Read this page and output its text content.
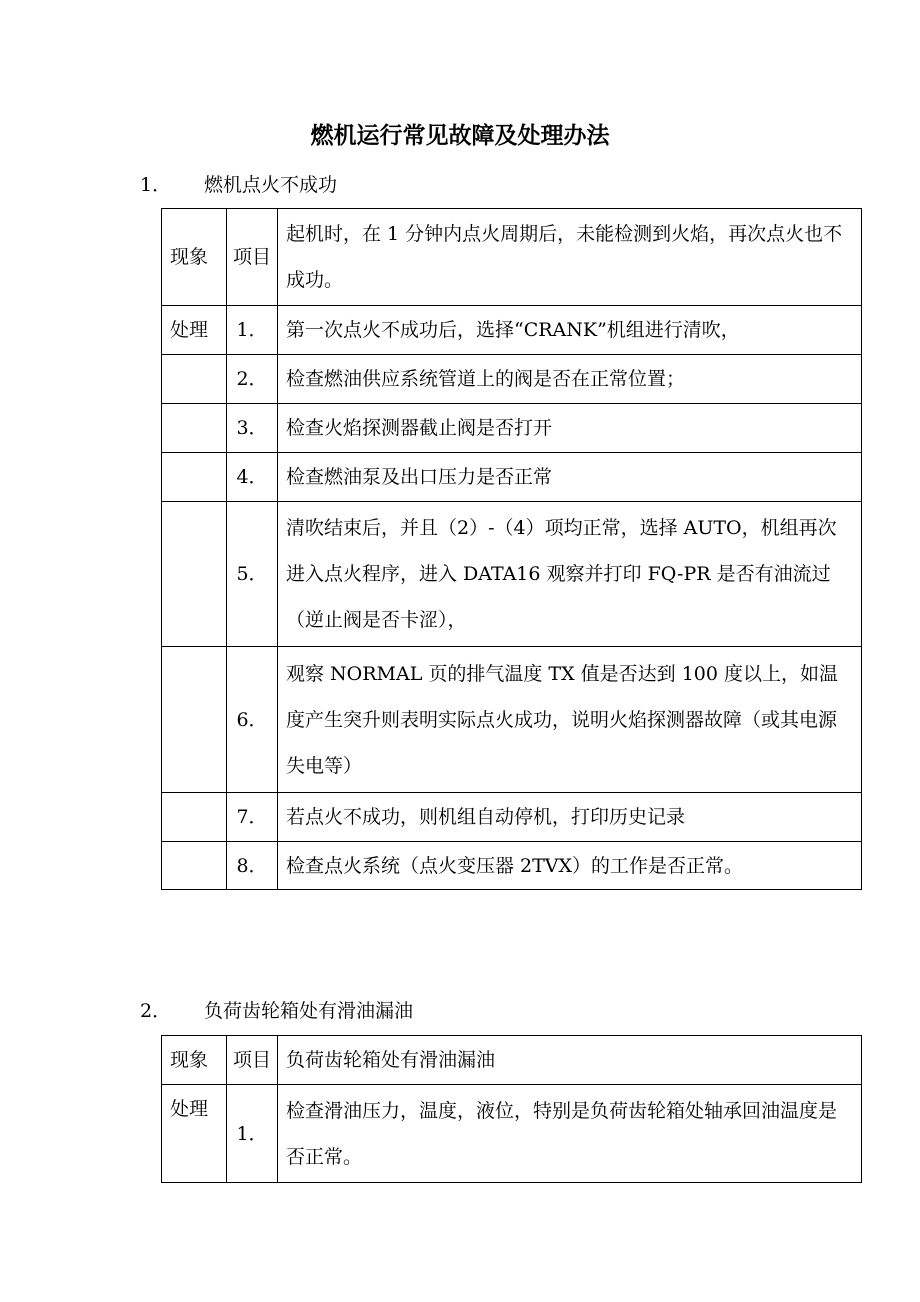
燃机运行常见故障及处理办法
1．	燃机点火不成功
现象	项目	起机时，在 1 分钟内点火周期后，未能检测到火焰，再次点火也不成功。
处理	1．	第一次点火不成功后，选择“CRANK”机组进行清吹，
	2．	检查燃油供应系统管道上的阀是否在正常位置；
	3．	检查火焰探测器截止阀是否打开
	4．	检查燃油泵及出口压力是否正常
	5．	清吹结束后，并且（2）-（4）项均正常，选择 AUTO，机组再次进入点火程序，进入 DATA16 观察并打印 FQ-PR 是否有油流过（逆止阀是否卡涩），
	6．	观察 NORMAL 页的排气温度 TX 值是否达到 100 度以上，如温度产生突升则表明实际点火成功，说明火焰探测器故障（或其电源失电等）
	7．	若点火不成功，则机组自动停机，打印历史记录
	8．	检查点火系统（点火变压器 2TVX）的工作是否正常。
2．	负荷齿轮箱处有滑油漏油
现象	项目	负荷齿轮箱处有滑油漏油
处理	1．	检查滑油压力，温度，液位，特别是负荷齿轮箱处轴承回油温度是否正常。
